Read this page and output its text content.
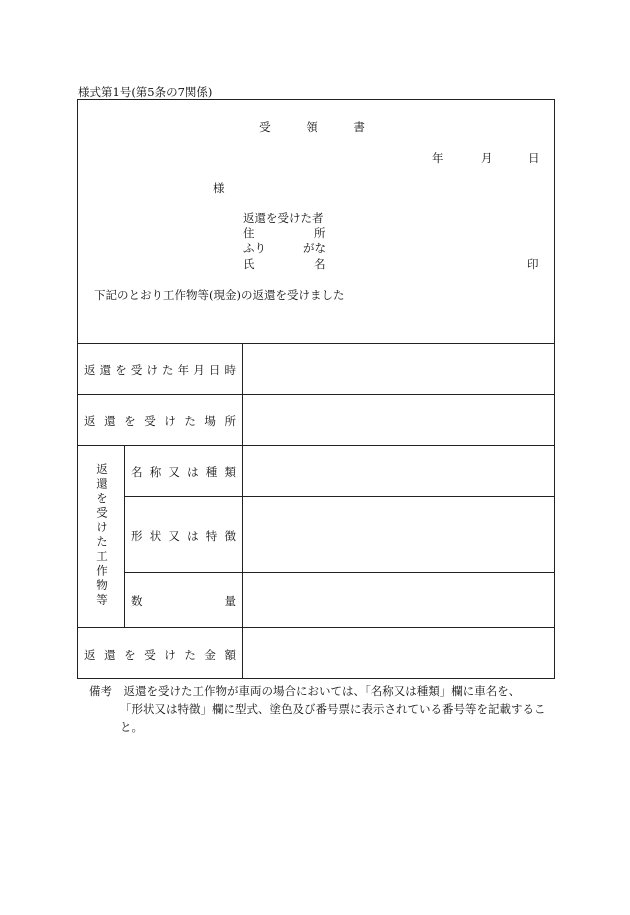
様式第1号(第5条の7関係)
受 領 書
年	月	日
様
返還を受けた者
住	所
ふり	がな
氏	名	印
下記のとおり工作物等(現金)の返還を受けました
返 還 を 受 け た 年 月 日 時
返 還 を 受 け た 場 所
返還を受けた工作物等 名 称 又 は 種 類
形 状 又 は 特 徴
数	量
返 還 を 受 け た 金 額
備考　返還を受けた工作物が車両の場合においては、「名称又は種類」欄に車名を、
「形状又は特徴」欄に型式、塗色及び番号票に表示されている番号等を記載するこ
と。
